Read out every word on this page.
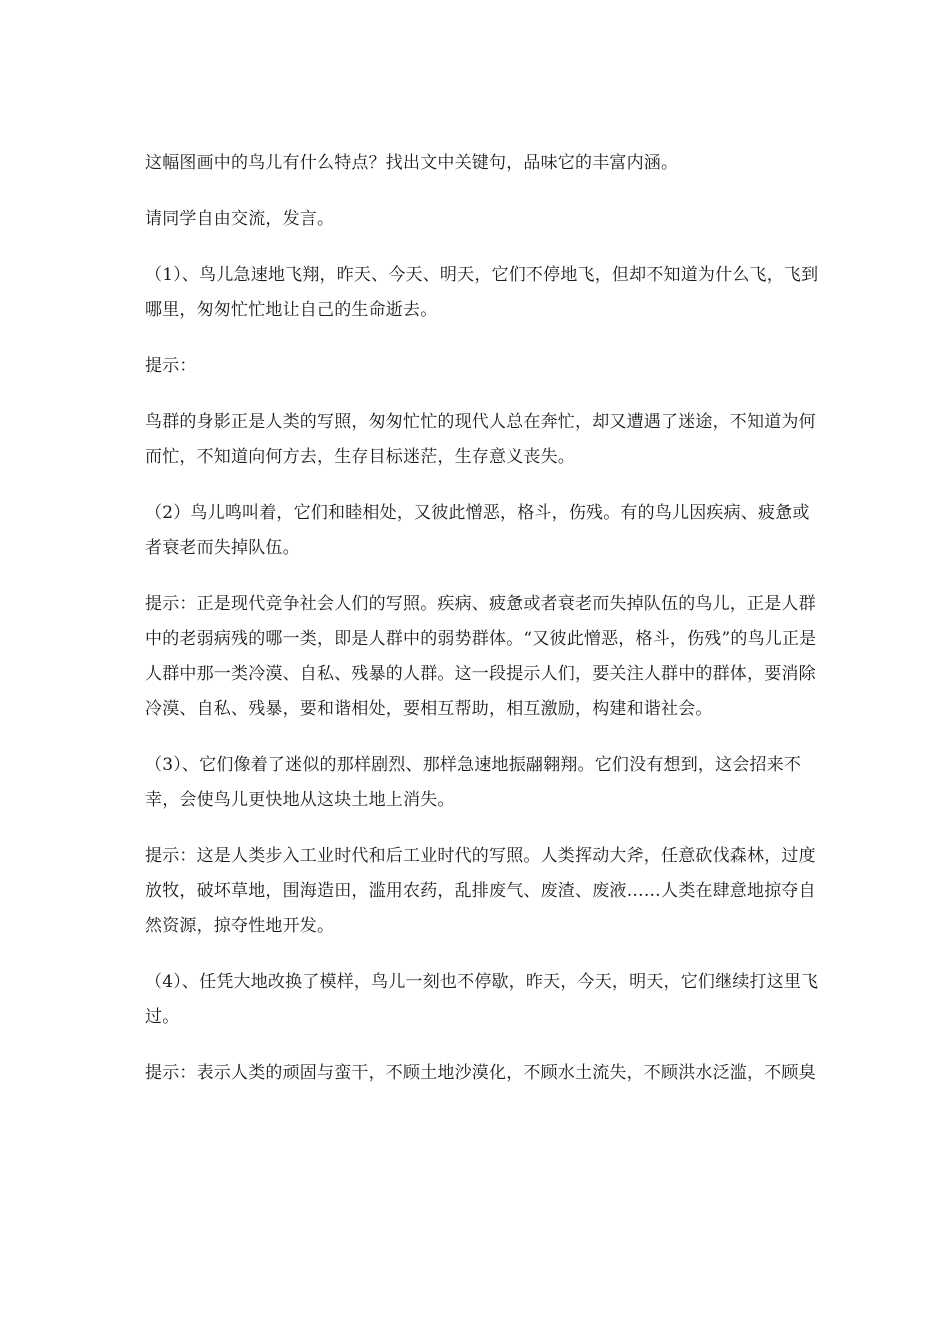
这幅图画中的鸟儿有什么特点？找出文中关键句，品味它的丰富内涵。

请同学自由交流，发言。

（1）、鸟儿急速地飞翔，昨天、今天、明天，它们不停地飞，但却不知道为什么飞，飞到哪里，匆匆忙忙地让自己的生命逝去。

提示：

鸟群的身影正是人类的写照，匆匆忙忙的现代人总在奔忙，却又遭遇了迷途，不知道为何而忙，不知道向何方去，生存目标迷茫，生存意义丧失。

（2）鸟儿鸣叫着，它们和睦相处，又彼此憎恶，格斗，伤残。有的鸟儿因疾病、疲惫或者衰老而失掉队伍。

提示：正是现代竞争社会人们的写照。疾病、疲惫或者衰老而失掉队伍的鸟儿，正是人群中的老弱病残的哪一类，即是人群中的弱势群体。“又彼此憎恶，格斗，伤残”的鸟儿正是人群中那一类冷漠、自私、残暴的人群。这一段提示人们，要关注人群中的群体，要消除冷漠、自私、残暴，要和谐相处，要相互帮助，相互激励，构建和谐社会。

（3）、它们像着了迷似的那样剧烈、那样急速地振翮翱翔。它们没有想到，这会招来不幸，会使鸟儿更快地从这块土地上消失。

提示：这是人类步入工业时代和后工业时代的写照。人类挥动大斧，任意砍伐森林，过度放牧，破坏草地，围海造田，滥用农药，乱排废气、废渣、废液……人类在肆意地掠夺自然资源，掠夺性地开发。

（4）、任凭大地改换了模样，鸟儿一刻也不停歇，昨天，今天，明天，它们继续打这里飞过。

提示：表示人类的顽固与蛮干，不顾土地沙漠化，不顾水土流失，不顾洪水泛滥，不顾臭
